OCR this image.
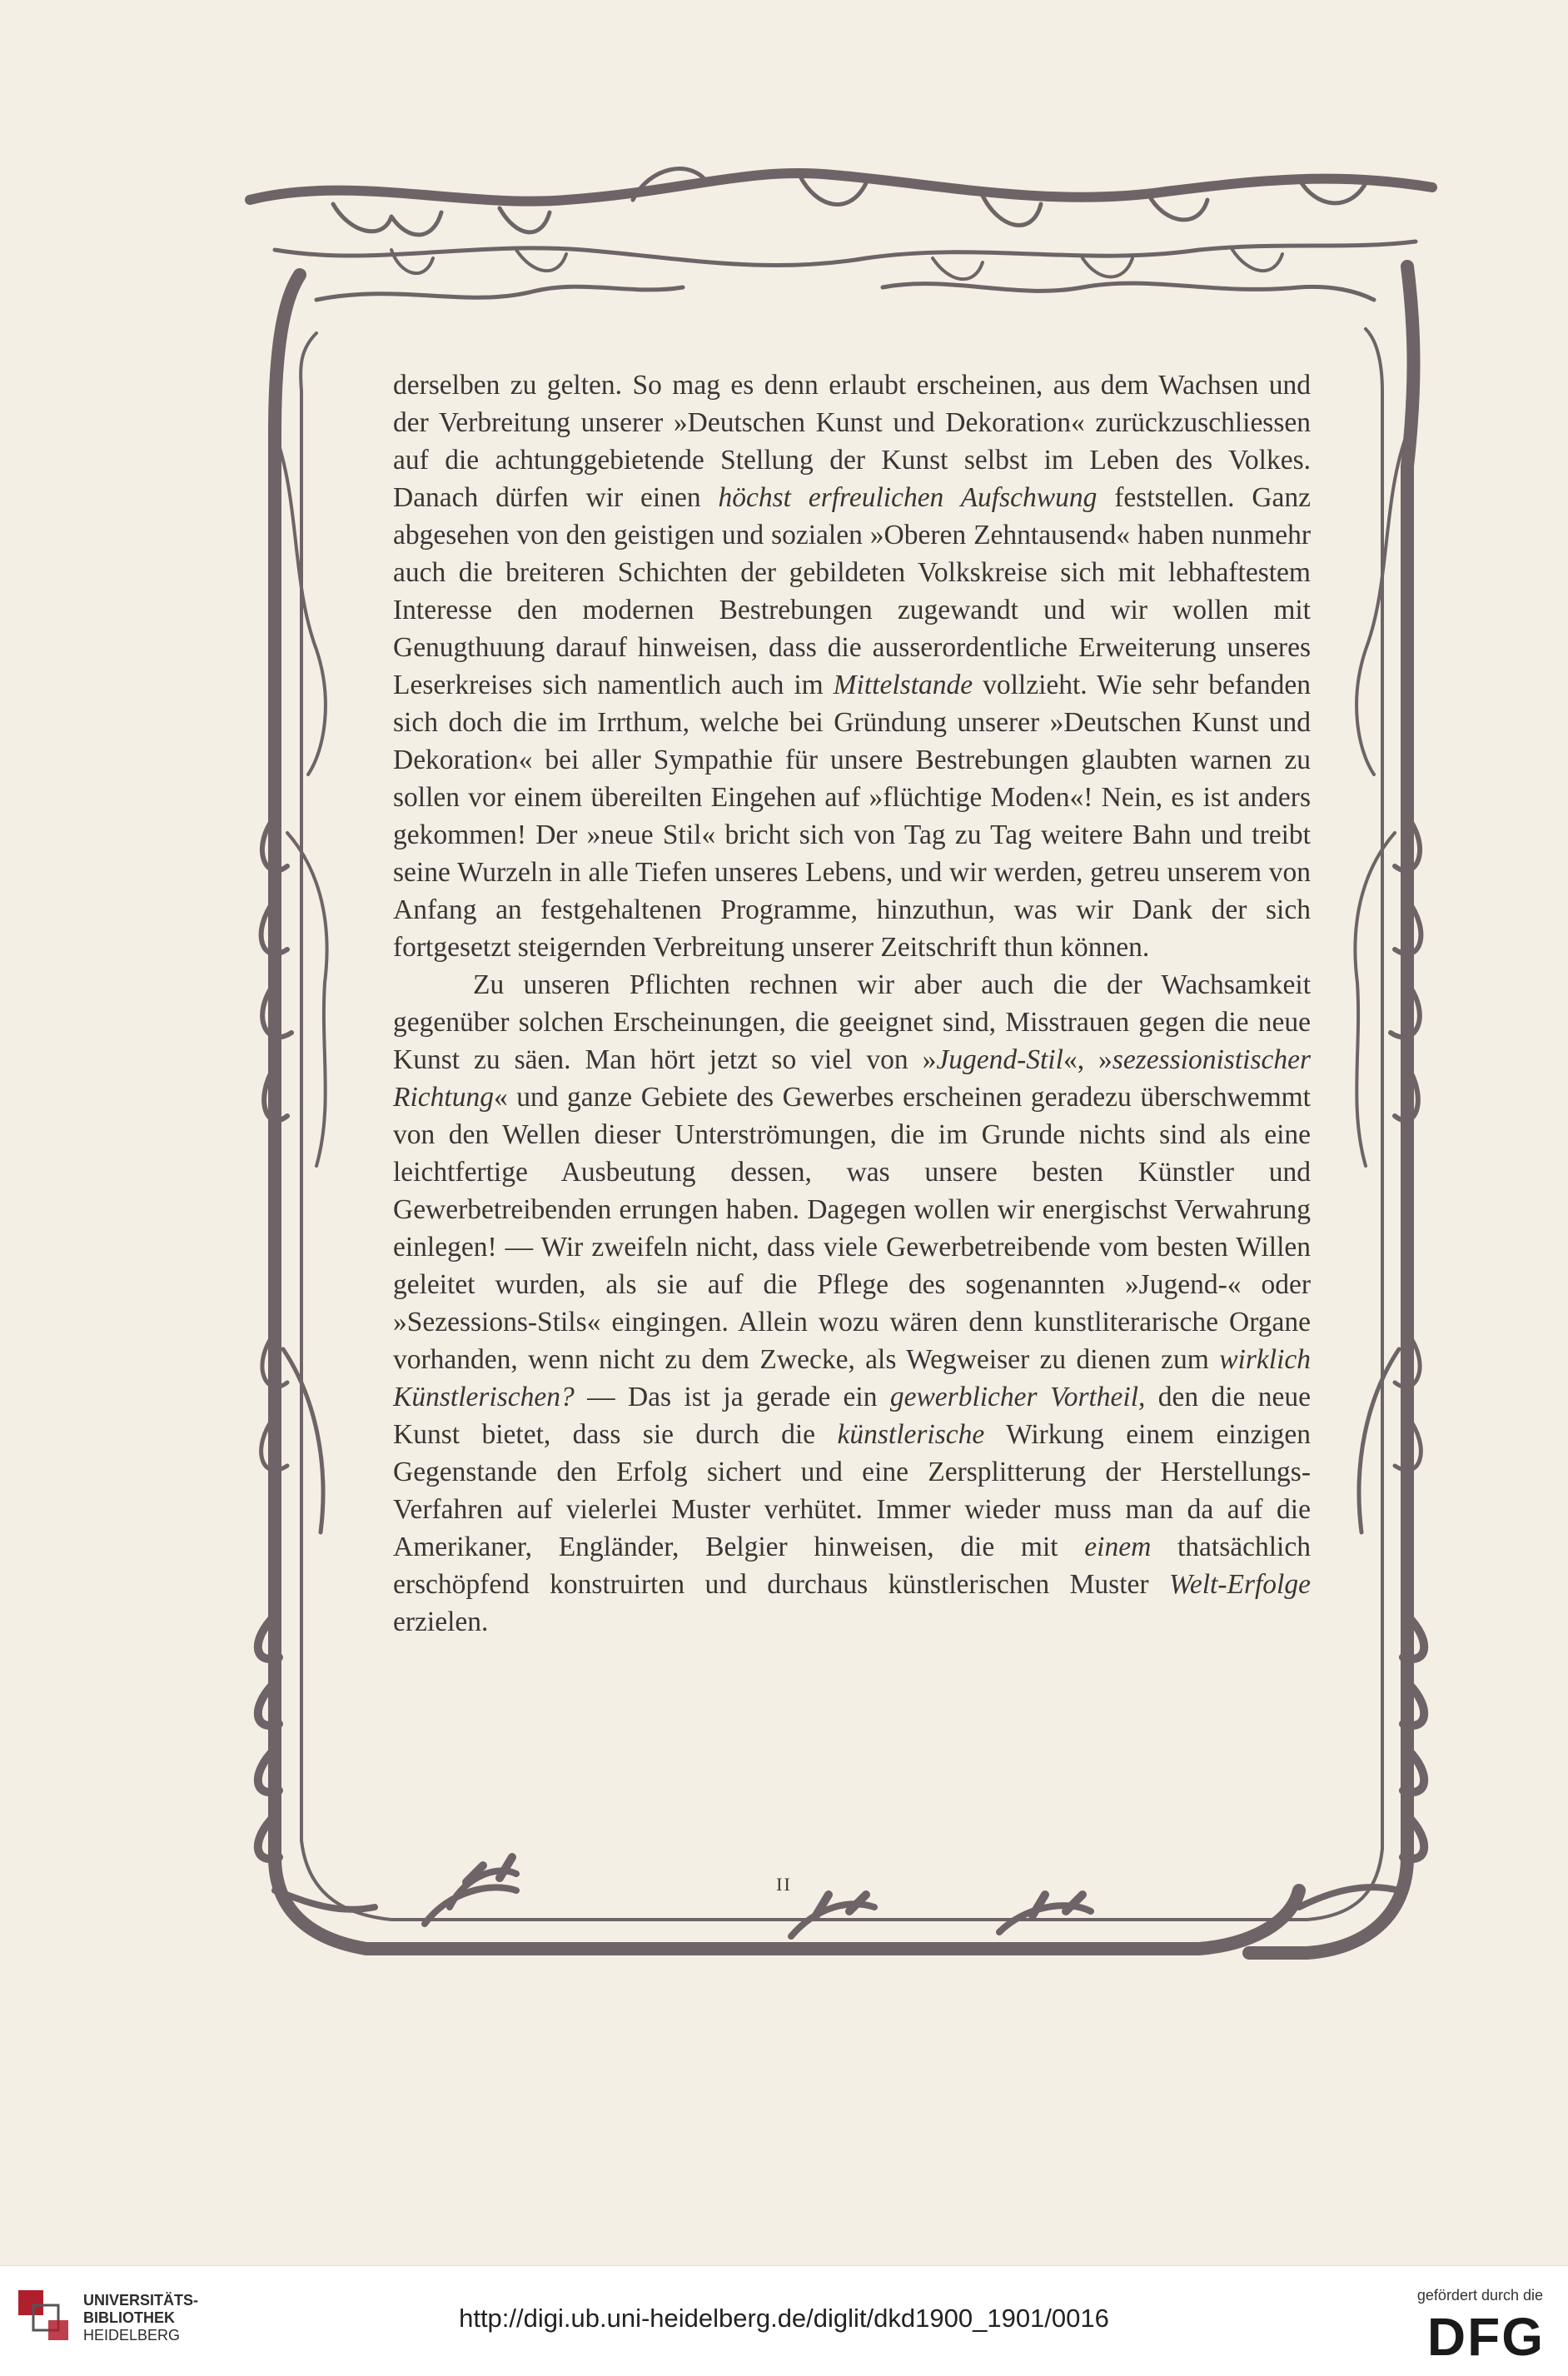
derselben zu gelten. So mag es denn erlaubt erscheinen, aus dem Wachsen und der Verbreitung unserer »Deutschen Kunst und Dekoration« zurückzuschliessen auf die achtunggebietende Stellung der Kunst selbst im Leben des Volkes. Danach dürfen wir einen höchst erfreulichen Aufschwung feststellen. Ganz abgesehen von den geistigen und sozialen »Oberen Zehntausend« haben nunmehr auch die breiteren Schichten der gebildeten Volkskreise sich mit lebhaftestem Interesse den modernen Bestrebungen zugewandt und wir wollen mit Genugthuung darauf hinweisen, dass die ausserordentliche Erweiterung unseres Leserkreises sich namentlich auch im Mittelstande vollzieht. Wie sehr befanden sich doch die im Irrthum, welche bei Gründung unserer »Deutschen Kunst und Dekoration« bei aller Sympathie für unsere Bestrebungen glaubten warnen zu sollen vor einem übereilten Eingehen auf »flüchtige Moden«! Nein, es ist anders gekommen! Der »neue Stil« bricht sich von Tag zu Tag weitere Bahn und treibt seine Wurzeln in alle Tiefen unseres Lebens, und wir werden, getreu unserem von Anfang an festgehaltenen Programme, hinzuthun, was wir Dank der sich fortgesetzt steigernden Verbreitung unserer Zeitschrift thun können.

Zu unseren Pflichten rechnen wir aber auch die der Wachsamkeit gegenüber solchen Erscheinungen, die geeignet sind, Misstrauen gegen die neue Kunst zu säen. Man hört jetzt so viel von »Jugend-Stil«, »sezessionistischer Richtung« und ganze Gebiete des Gewerbes erscheinen geradezu überschwemmt von den Wellen dieser Unterströmungen, die im Grunde nichts sind als eine leichtfertige Ausbeutung dessen, was unsere besten Künstler und Gewerbetreibenden errungen haben. Dagegen wollen wir energischst Verwahrung einlegen! — Wir zweifeln nicht, dass viele Gewerbetreibende vom besten Willen geleitet wurden, als sie auf die Pflege des sogenannten »Jugend-« oder »Sezessions-Stils« eingingen. Allein wozu wären denn kunstliterarische Organe vorhanden, wenn nicht zu dem Zwecke, als Wegweiser zu dienen zum wirklich Künstlerischen? — Das ist ja gerade ein gewerblicher Vortheil, den die neue Kunst bietet, dass sie durch die künstlerische Wirkung einem einzigen Gegenstande den Erfolg sichert und eine Zersplitterung der Herstellungs-Verfahren auf vielerlei Muster verhütet. Immer wieder muss man da auf die Amerikaner, Engländer, Belgier hinweisen, die mit einem thatsächlich erschöpfend konstruirten und durchaus künstlerischen Muster Welt-Erfolge erzielen.

II
UNIVERSITÄTS-
BIBLIOTHEK
HEIDELBERG
http://digi.ub.uni-heidelberg.de/diglit/dkd1900_1901/0016
gefördert durch die
DFG
